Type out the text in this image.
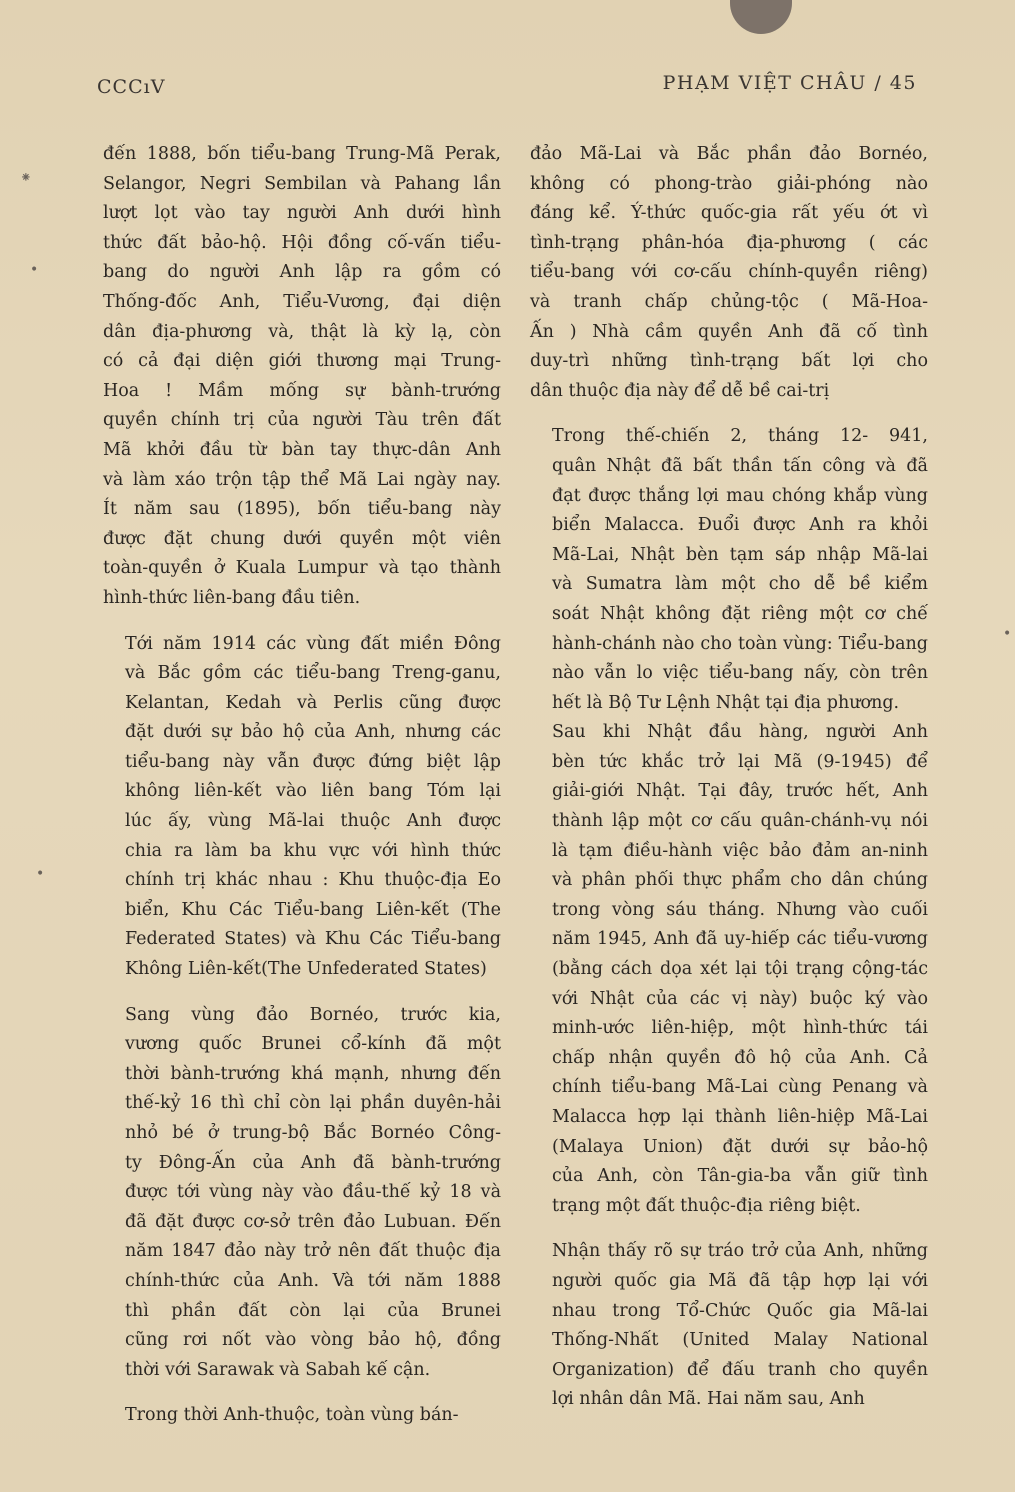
⁕
•
•
•
CCCıV	PHẠM VIỆT CHÂU / 45

đến 1888, bốn tiểu-bang Trung-Mã Perak,
Selangor, Negri Sembilan và Pahang lần
lượt lọt vào tay người Anh dưới hình
thức đất bảo-hộ. Hội đồng cố-vấn tiểu-
bang do người Anh lập ra gồm có
Thống-đốc Anh, Tiểu-Vương, đại diện
dân địa-phương và, thật là kỳ lạ, còn
có cả đại diện giới thương mại Trung-
Hoa ! Mầm mống sự bành-trướng
quyền chính trị của người Tàu trên đất
Mã khởi đầu từ bàn tay thực-dân Anh
và làm xáo trộn tập thể Mã Lai ngày nay.
Ít năm sau (1895), bốn tiểu-bang này
được đặt chung dưới quyền một viên
toàn-quyền ở Kuala Lumpur và tạo thành
hình-thức liên-bang đầu tiên.

Tới năm 1914 các vùng đất miền Đông
và Bắc gồm các tiểu-bang Treng-ganu,
Kelantan, Kedah và Perlis cũng được
đặt dưới sự bảo hộ của Anh, nhưng các
tiểu-bang này vẫn được đứng biệt lập
không liên-kết vào liên bang Tóm lại
lúc ấy, vùng Mã-lai thuộc Anh được
chia ra làm ba khu vực với hình thức
chính trị khác nhau : Khu thuộc-địa Eo
biển, Khu Các Tiểu-bang Liên-kết (The
Federated States) và Khu Các Tiểu-bang
Không Liên-kết(The Unfederated States)

Sang vùng đảo Bornéo, trước kia,
vương quốc Brunei cổ-kính đã một
thời bành-trướng khá mạnh, nhưng đến
thế-kỷ 16 thì chỉ còn lại phần duyên-hải
nhỏ bé ở trung-bộ Bắc Bornéo Công-
ty Đông-Ấn của Anh đã bành-trướng
được tới vùng này vào đầu-thế kỷ 18 và
đã đặt được cơ-sở trên đảo Lubuan. Đến
năm 1847 đảo này trở nên đất thuộc địa
chính-thức của Anh. Và tới năm 1888
thì phần đất còn lại của Brunei
cũng rơi nốt vào vòng bảo hộ, đồng
thời với Sarawak và Sabah kế cận.

Trong thời Anh-thuộc, toàn vùng bán-

đảo Mã-Lai và Bắc phần đảo Bornéo,
không có phong-trào giải-phóng nào
đáng kể. Ý-thức quốc-gia rất yếu ớt vì
tình-trạng phân-hóa địa-phương ( các
tiểu-bang với cơ-cấu chính-quyền riêng)
và tranh chấp chủng-tộc ( Mã-Hoa-
Ấn ) Nhà cầm quyền Anh đã cố tình
duy-trì những tình-trạng bất lợi cho
dân thuộc địa này để dễ bề cai-trị

Trong thế-chiến 2, tháng 12- 941,
quân Nhật đã bất thần tấn công và đã
đạt được thắng lợi mau chóng khắp vùng
biển Malacca. Đuổi được Anh ra khỏi
Mã-Lai, Nhật bèn tạm sáp nhập Mã-lai
và Sumatra làm một cho dễ bề kiểm
soát Nhật không đặt riêng một cơ chế
hành-chánh nào cho toàn vùng: Tiểu-bang
nào vẫn lo việc tiểu-bang nấy, còn trên
hết là Bộ Tư Lệnh Nhật tại địa phương.

Sau khi Nhật đầu hàng, người Anh
bèn tức khắc trở lại Mã (9-1945) để
giải-giới Nhật. Tại đây, trước hết, Anh
thành lập một cơ cấu quân-chánh-vụ nói
là tạm điều-hành việc bảo đảm an-ninh
và phân phối thực phẩm cho dân chúng
trong vòng sáu tháng. Nhưng vào cuối
năm 1945, Anh đã uy-hiếp các tiểu-vương
(bằng cách dọa xét lại tội trạng cộng-tác
với Nhật của các vị này) buộc ký vào
minh-ước liên-hiệp, một hình-thức tái
chấp nhận quyền đô hộ của Anh. Cả
chính tiểu-bang Mã-Lai cùng Penang và
Malacca hợp lại thành liên-hiệp Mã-Lai
(Malaya Union) đặt dưới sự bảo-hộ
của Anh, còn Tân-gia-ba vẫn giữ tình
trạng một đất thuộc-địa riêng biệt.

Nhận thấy rõ sự tráo trở của Anh, những
người quốc gia Mã đã tập hợp lại với
nhau trong Tổ-Chức Quốc gia Mã-lai
Thống-Nhất (United Malay National
Organization) để đấu tranh cho quyền
lợi nhân dân Mã. Hai năm sau, Anh
